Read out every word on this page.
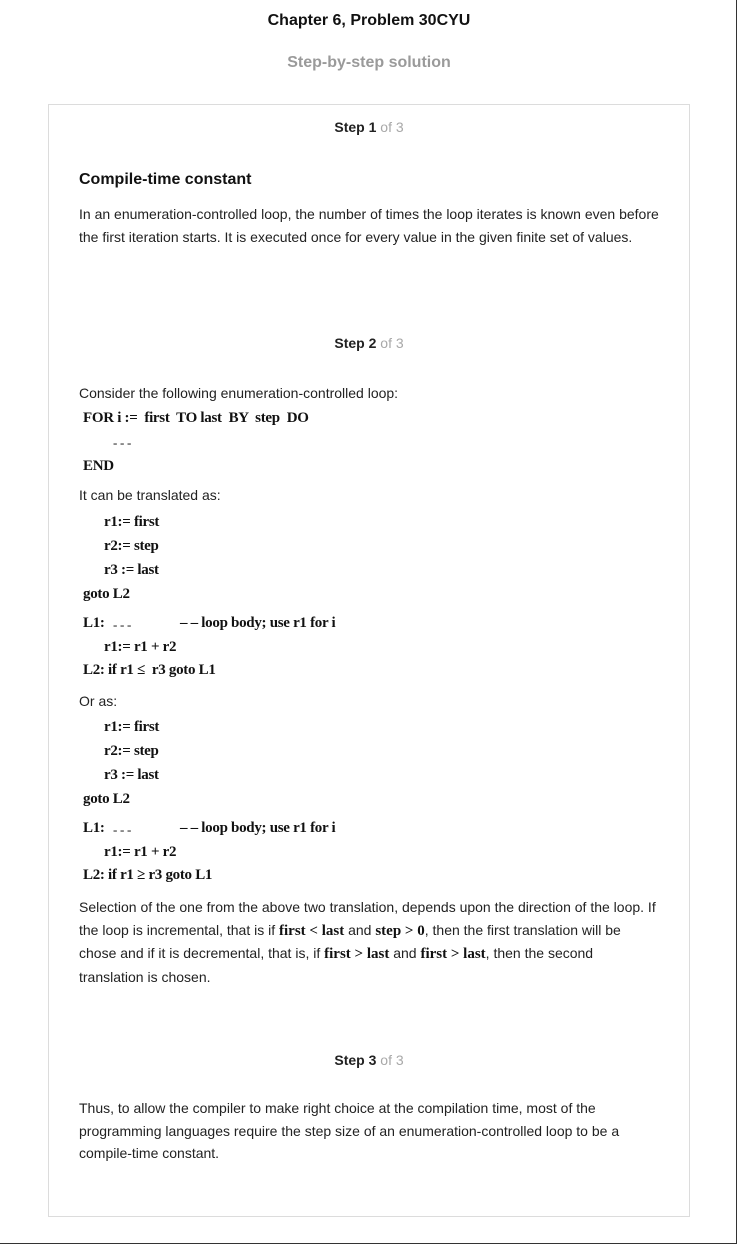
Chapter 6, Problem 30CYU
Step-by-step solution
Step 1 of 3
Compile-time constant
In an enumeration-controlled loop, the number of times the loop iterates is known even before the first iteration starts. It is executed once for every value in the given finite set of values.
Step 2 of 3
Consider the following enumeration-controlled loop:
FOR i :=  first  TO last  BY  step  DO
- - -
END
It can be translated as:
r1:= first
r2:= step
r3 := last
goto L2
L1: - - -	– – loop body; use r1 for i
r1:= r1 + r2
L2: if r1 ≤  r3 goto L1
Or as:
r1:= first
r2:= step
r3 := last
goto L2
L1: - - -	– – loop body; use r1 for i
r1:= r1 + r2
L2: if r1 ≥ r3 goto L1
Selection of the one from the above two translation, depends upon the direction of the loop. If the loop is incremental, that is if first < last and step > 0, then the first translation will be chose and if it is decremental, that is, if first > last and first > last, then the second translation is chosen.
Step 3 of 3
Thus, to allow the compiler to make right choice at the compilation time, most of the programming languages require the step size of an enumeration-controlled loop to be a compile-time constant.
